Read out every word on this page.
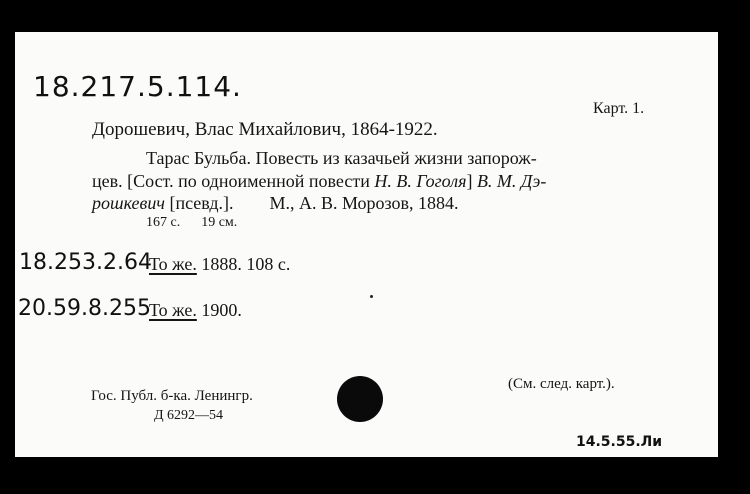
18.217.5.114.
Карт. 1.
Дорошевич, Влас Михайлович, 1864-1922.
Тарас Бульба. Повесть из казачьей жизни запорож-
цев. [Сост. по одноименной повести Н. В. Гоголя] В. М. Дэ-
рошкевич [псевд.].        М., А. В. Морозов, 1884.
167 с.      19 см.
18.253.2.64
То же. 1888. 108 с.
20.59.8.255
То же. 1900.
Гос. Публ. б-ка. Ленингр.
Д 6292—54
(См. след. карт.).
14.5.55.Ли
